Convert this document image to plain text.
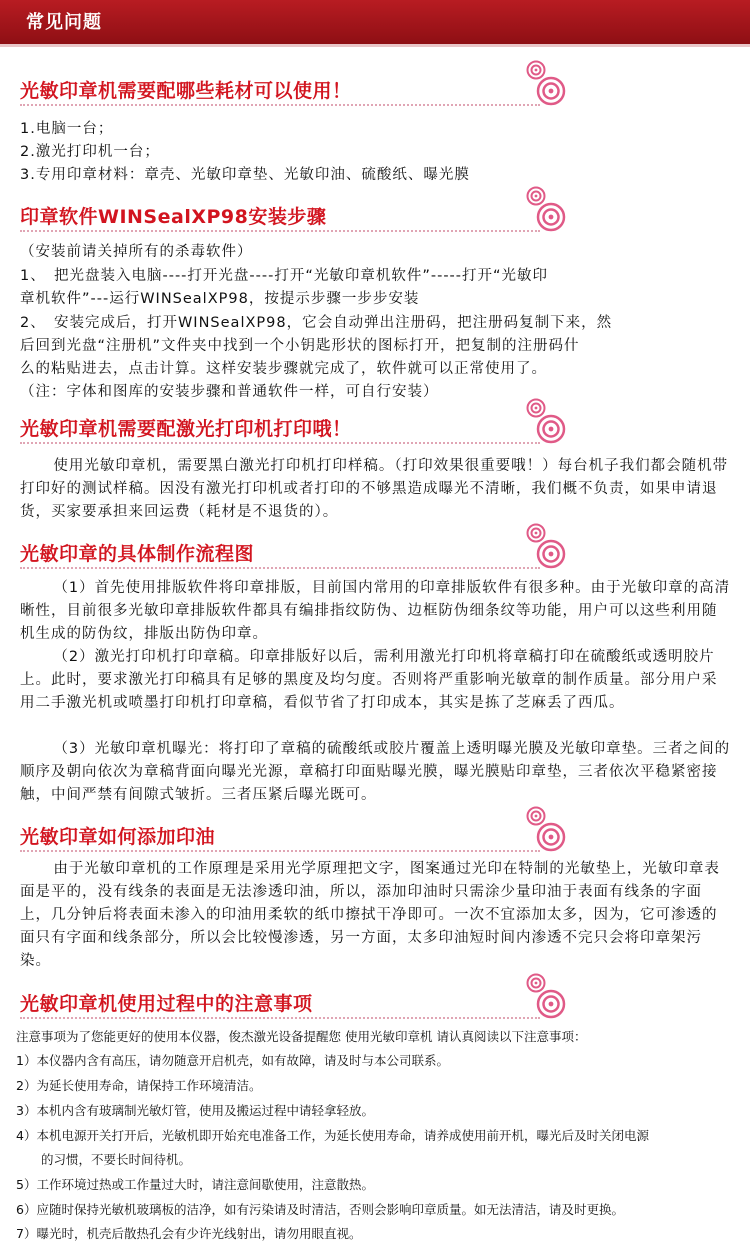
常见问题
光敏印章机需要配哪些耗材可以使用！
1.电脑一台；
2.激光打印机一台；
3.专用印章材料：章壳、光敏印章垫、光敏印油、硫酸纸、曝光膜
印章软件WINSealXP98安装步骤
（安装前请关掉所有的杀毒软件）
1、　把光盘装入电脑----打开光盘----打开“光敏印章机软件”-----打开“光敏印
章机软件”---运行WINSealXP98，按提示步骤一步步安装
2、　安装完成后，打开WINSealXP98，它会自动弹出注册码，把注册码复制下来，然
后回到光盘“注册机”文件夹中找到一个小钥匙形状的图标打开，把复制的注册码什
么的粘贴进去，点击计算。这样安装步骤就完成了，软件就可以正常使用了。
（注：字体和图库的安装步骤和普通软件一样，可自行安装）
光敏印章机需要配激光打印机打印哦！
使用光敏印章机，需要黑白激光打印机打印样稿。（打印效果很重要哦！）每台机子我们都会随机带打印好的测试样稿。因没有激光打印机或者打印的不够黑造成曝光不清晰，我们概不负责，如果申请退货，买家要承担来回运费（耗材是不退货的）。
光敏印章的具体制作流程图
（1）首先使用排版软件将印章排版，目前国内常用的印章排版软件有很多种。由于光敏印章的高清晰性，目前很多光敏印章排版软件都具有编排指纹防伪、边框防伪细条纹等功能，用户可以这些利用随机生成的防伪纹，排版出防伪印章。
（2）激光打印机打印章稿。印章排版好以后，需利用激光打印机将章稿打印在硫酸纸或透明胶片上。此时，要求激光打印稿具有足够的黑度及均匀度。否则将严重影响光敏章的制作质量。部分用户采用二手激光机或喷墨打印机打印章稿，看似节省了打印成本，其实是拣了芝麻丢了西瓜。
（3）光敏印章机曝光：将打印了章稿的硫酸纸或胶片覆盖上透明曝光膜及光敏印章垫。三者之间的顺序及朝向依次为章稿背面向曝光光源，章稿打印面贴曝光膜，曝光膜贴印章垫，三者依次平稳紧密接触，中间严禁有间隙式皱折。三者压紧后曝光既可。
光敏印章如何添加印油
由于光敏印章机的工作原理是采用光学原理把文字，图案通过光印在特制的光敏垫上，光敏印章表面是平的，没有线条的表面是无法渗透印油，所以，添加印油时只需涂少量印油于表面有线条的字面上，几分钟后将表面未渗入的印油用柔软的纸巾擦拭干净即可。一次不宜添加太多，因为，它可渗透的面只有字面和线条部分，所以会比较慢渗透，另一方面，太多印油短时间内渗透不完只会将印章架污染。
光敏印章机使用过程中的注意事项
注意事项为了您能更好的使用本仪器，俊杰激光设备提醒您 使用光敏印章机 请认真阅读以下注意事项：
1）本仪器内含有高压，请勿随意开启机壳，如有故障，请及时与本公司联系。
2）为延长使用寿命，请保持工作环境清洁。
3）本机内含有玻璃制光敏灯管，使用及搬运过程中请轻拿轻放。
4）本机电源开关打开后，光敏机即开始充电准备工作，为延长使用寿命，请养成使用前开机，曝光后及时关闭电源
　　的习惯，不要长时间待机。
5）工作环境过热或工作量过大时，请注意间歇使用，注意散热。
6）应随时保持光敏机玻璃板的洁净，如有污染请及时清洁，否则会影响印章质量。如无法清洁，请及时更换。
7）曝光时，机壳后散热孔会有少许光线射出，请勿用眼直视。
